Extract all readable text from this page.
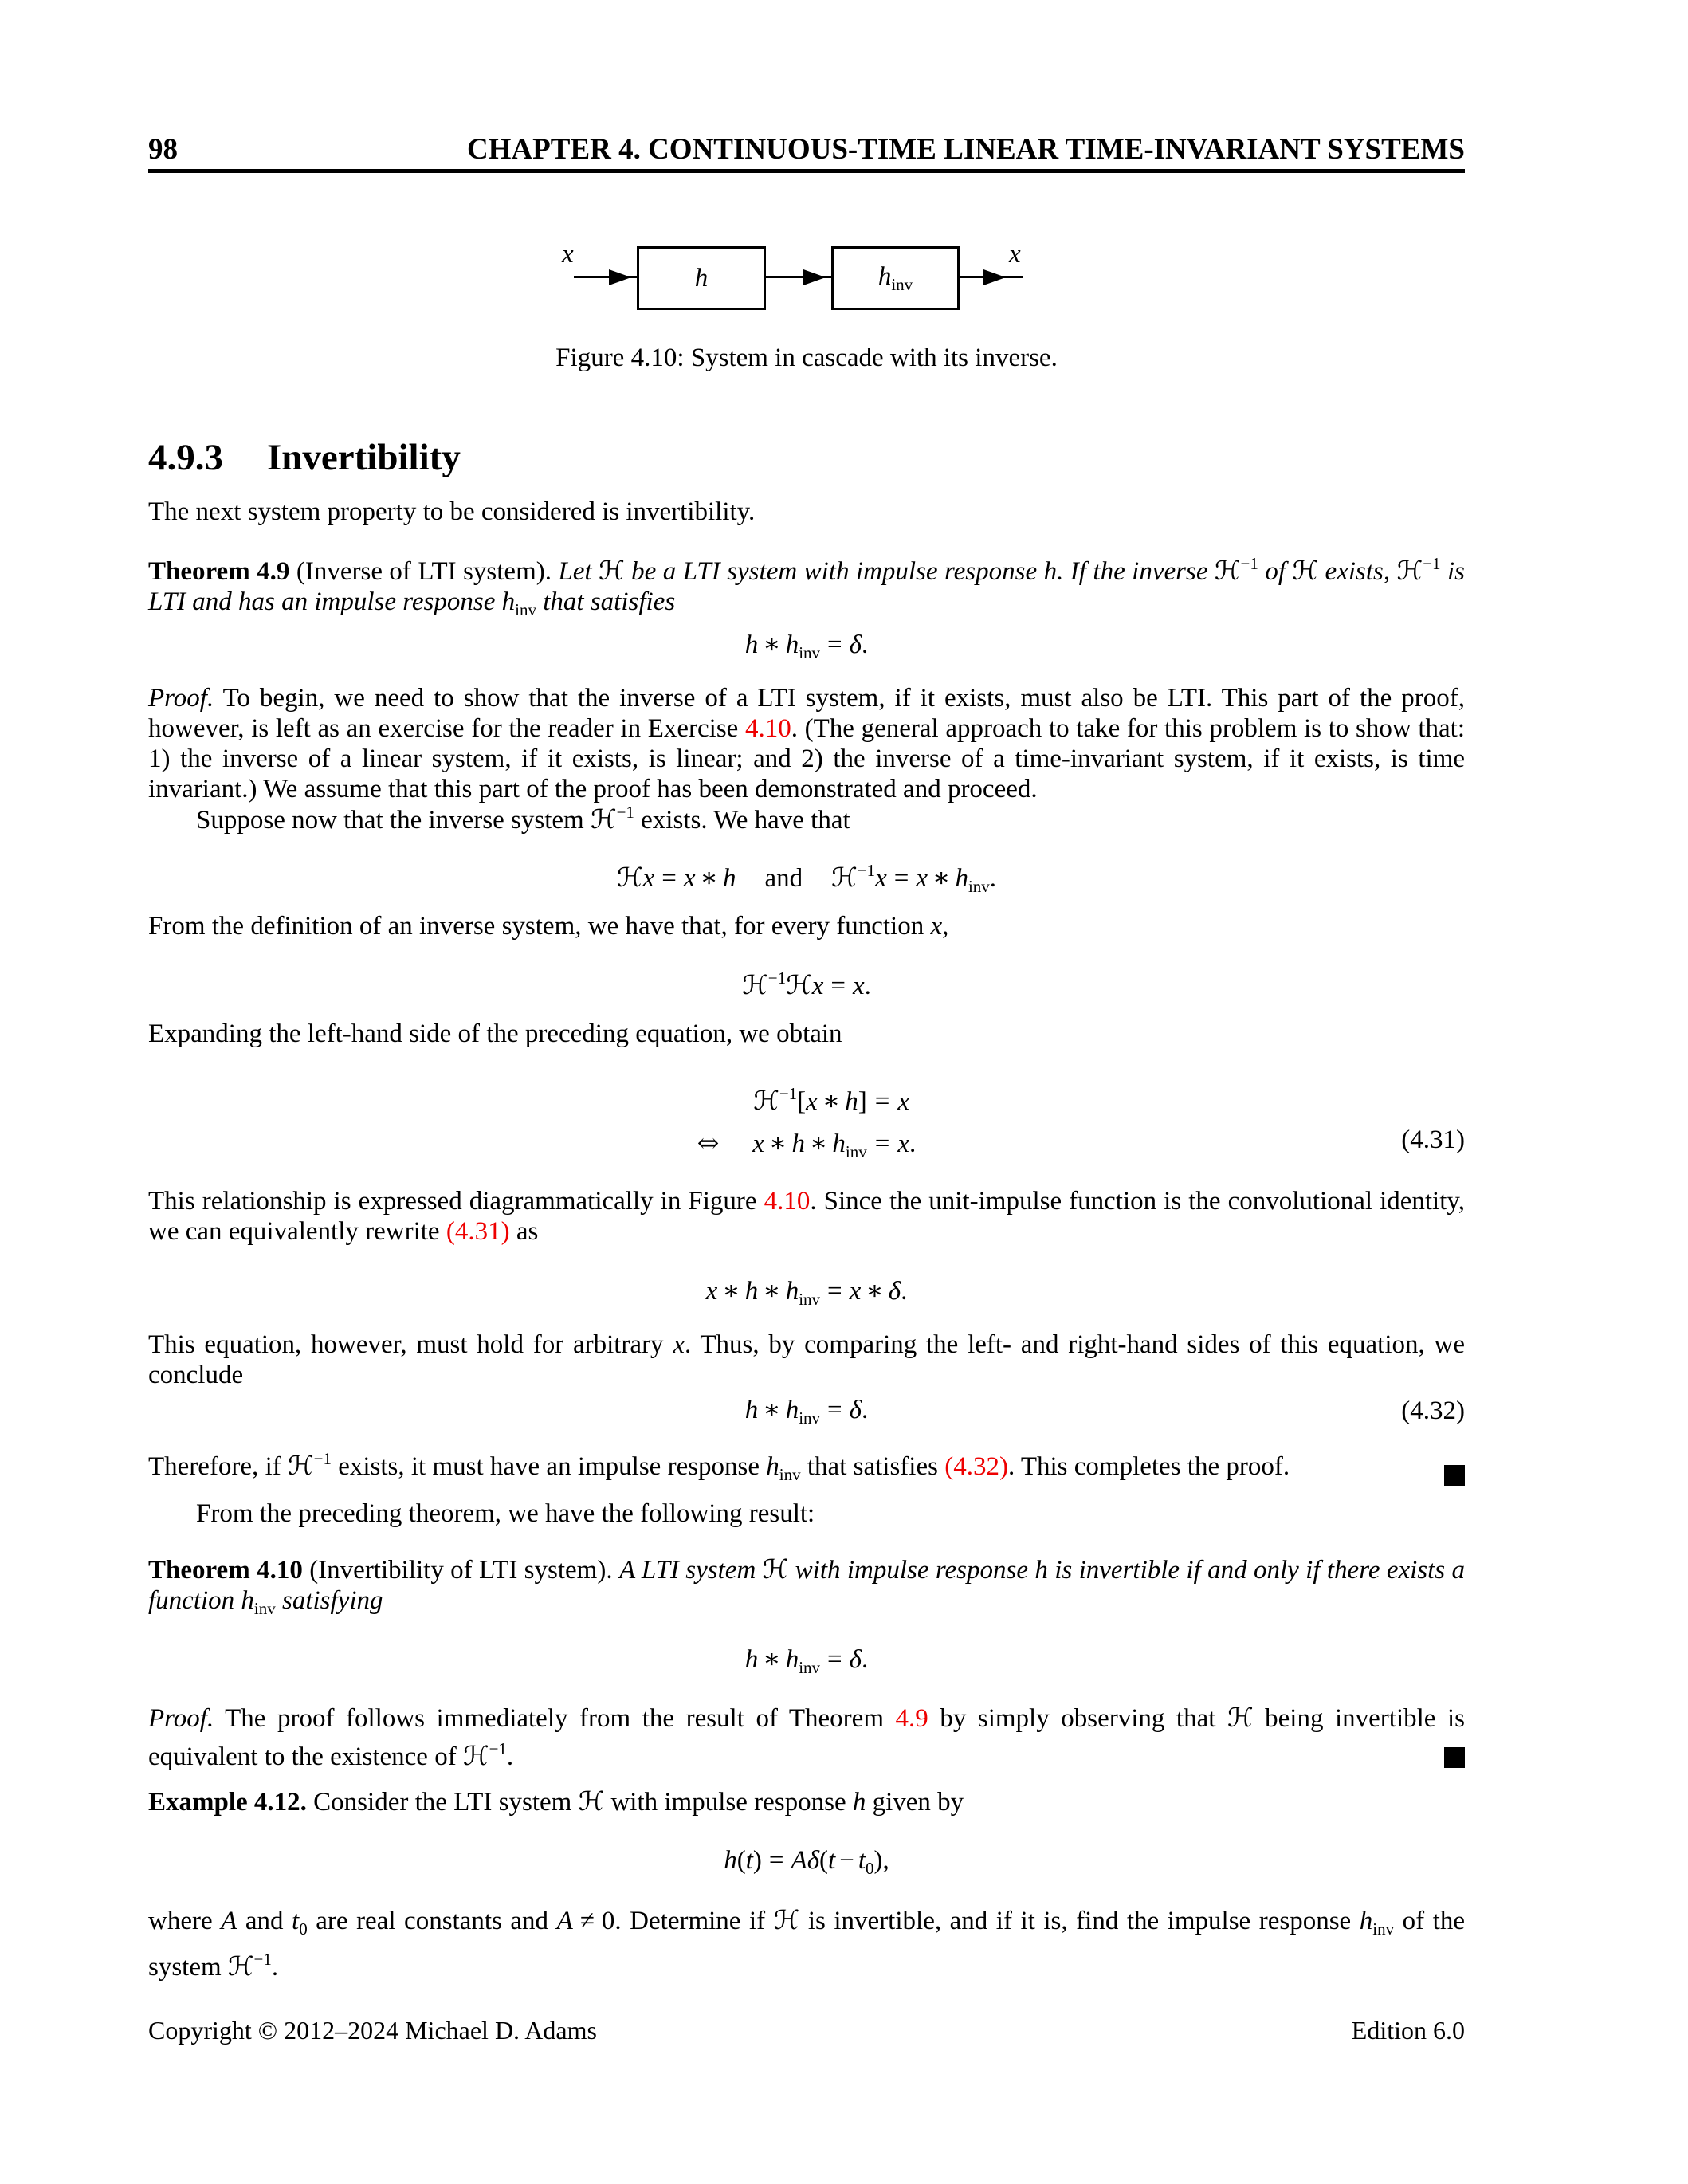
98	CHAPTER 4. CONTINUOUS-TIME LINEAR TIME-INVARIANT SYSTEMS
x	x
h	$h_{inv}$
Figure 4.10: System in cascade with its inverse.
4.9.3 Invertibility

The next system property to be considered is invertibility.

Theorem 4.9 (Inverse of LTI system). Let ℋ be a LTI system with impulse response h. If the inverse ℋ$^{-1}$ of ℋ exists, ℋ$^{-1}$ is LTI and has an impulse response $h_{inv}$ that satisfies

h ∗ $h_{inv} = \delta$.

Proof. To begin, we need to show that the inverse of a LTI system, if it exists, must also be LTI. This part of the proof, however, is left as an exercise for the reader in Exercise 4.10. (The general approach to take for this problem is to show that: 1) the inverse of a linear system, if it exists, is linear; and 2) the inverse of a time-invariant system, if it exists, is time invariant.) We assume that this part of the proof has been demonstrated and proceed.

Suppose now that the inverse system ℋ$^{-1}$ exists. We have that

ℋx = x ∗ h and ℋ$^{-1}$x = x ∗ $h_{inv}$.

From the definition of an inverse system, we have that, for every function x,

ℋ$^{-1}$ℋx = x.

Expanding the left-hand side of the preceding equation, we obtain

ℋ$^{-1}$[x ∗ h]	=	x
⇔ x ∗ h ∗ $h_{inv}$	=	x.	(4.31)

This relationship is expressed diagrammatically in Figure 4.10. Since the unit-impulse function is the convolutional identity, we can equivalently rewrite (4.31) as

x ∗ h ∗ $h_{inv} = x$ ∗ δ.

This equation, however, must hold for arbitrary x. Thus, by comparing the left- and right-hand sides of this equation, we conclude

h ∗ $h_{inv} = \delta$.	(4.32)

Therefore, if ℋ$^{-1}$ exists, it must have an impulse response $h_{inv}$ that satisfies (4.32). This completes the proof.

From the preceding theorem, we have the following result:

Theorem 4.10 (Invertibility of LTI system). A LTI system ℋ with impulse response h is invertible if and only if there exists a function $h_{inv}$ satisfying

h ∗ $h_{inv} = \delta$.

Proof. The proof follows immediately from the result of Theorem 4.9 by simply observing that ℋ being invertible is equivalent to the existence of ℋ$^{-1}$.

Example 4.12. Consider the LTI system ℋ with impulse response h given by

$h(t) = A\delta(t - t_0)$,

where A and $t_0$ are real constants and A ≠ 0. Determine if ℋ is invertible, and if it is, find the impulse response $h_{inv}$ of the system ℋ$^{-1}$.

Copyright © 2012–2024 Michael D. Adams	Edition 6.0
